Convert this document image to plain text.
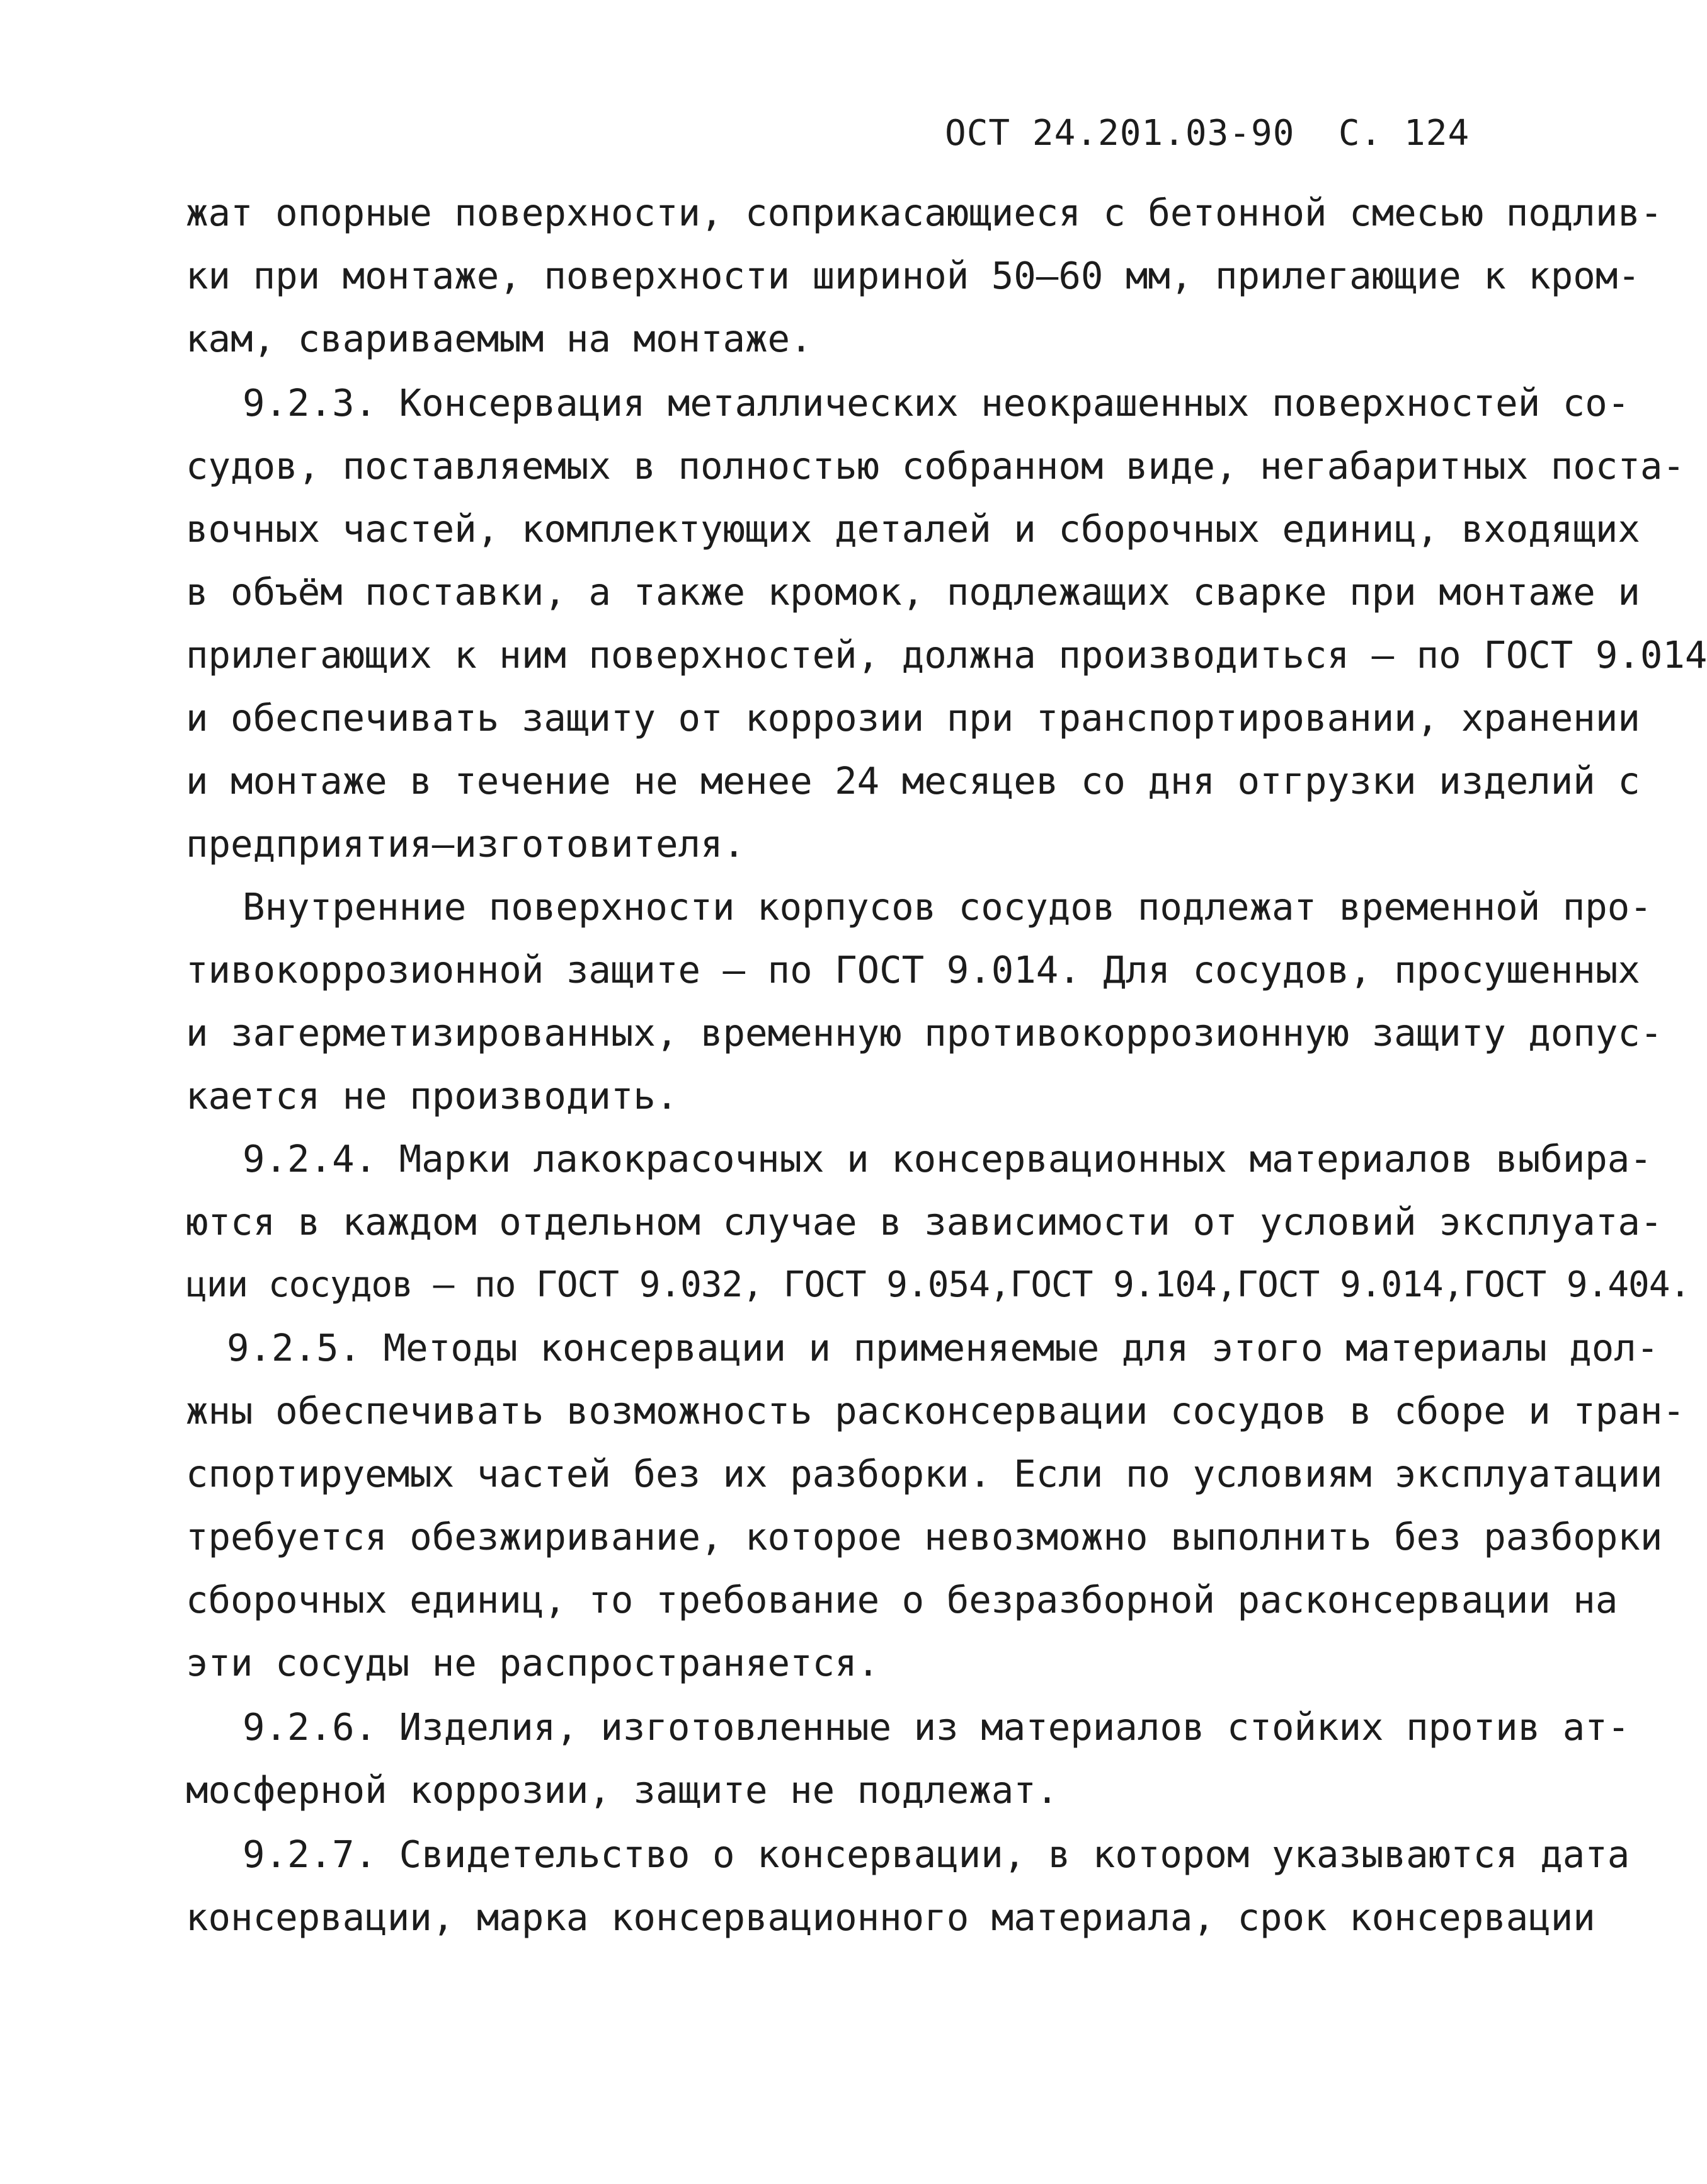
ОСТ 24.201.03-90  С. 124
жат опорные поверхности, соприкасающиеся с бетонной смесью подлив-
ки при монтаже, поверхности шириной 50–60 мм, прилегающие к кром-
кам, свариваемым на монтаже.
9.2.3. Консервация металлических неокрашенных поверхностей со-
судов, поставляемых в полностью собранном виде, негабаритных поста-
вочных частей, комплектующих деталей и сборочных единиц, входящих
в объём поставки, а также кромок, подлежащих сварке при монтаже и
прилегающих к ним поверхностей, должна производиться – по ГОСТ 9.014
и обеспечивать защиту от коррозии при транспортировании, хранении
и монтаже в течение не менее 24 месяцев со дня отгрузки изделий с
предприятия–изготовителя.
Внутренние поверхности корпусов сосудов подлежат временной про-
тивокоррозионной защите – по ГОСТ 9.014. Для сосудов, просушенных
и загерметизированных, временную противокоррозионную защиту допус-
кается не производить.
9.2.4. Марки лакокрасочных и консервационных материалов выбира-
ются в каждом отдельном случае в зависимости от условий эксплуата-
ции сосудов – по ГОСТ 9.032, ГОСТ 9.054,ГОСТ 9.104,ГОСТ 9.014,ГОСТ 9.404.
9.2.5. Методы консервации и применяемые для этого материалы дол-
жны обеспечивать возможность расконсервации сосудов в сборе и тран-
спортируемых частей без их разборки. Если по условиям эксплуатации
требуется обезжиривание, которое невозможно выполнить без разборки
сборочных единиц, то требование о безразборной расконсервации на
эти сосуды не распространяется.
9.2.6. Изделия, изготовленные из материалов стойких против ат-
мосферной коррозии, защите не подлежат.
9.2.7. Свидетельство о консервации, в котором указываются дата
консервации, марка консервационного материала, срок консервации
